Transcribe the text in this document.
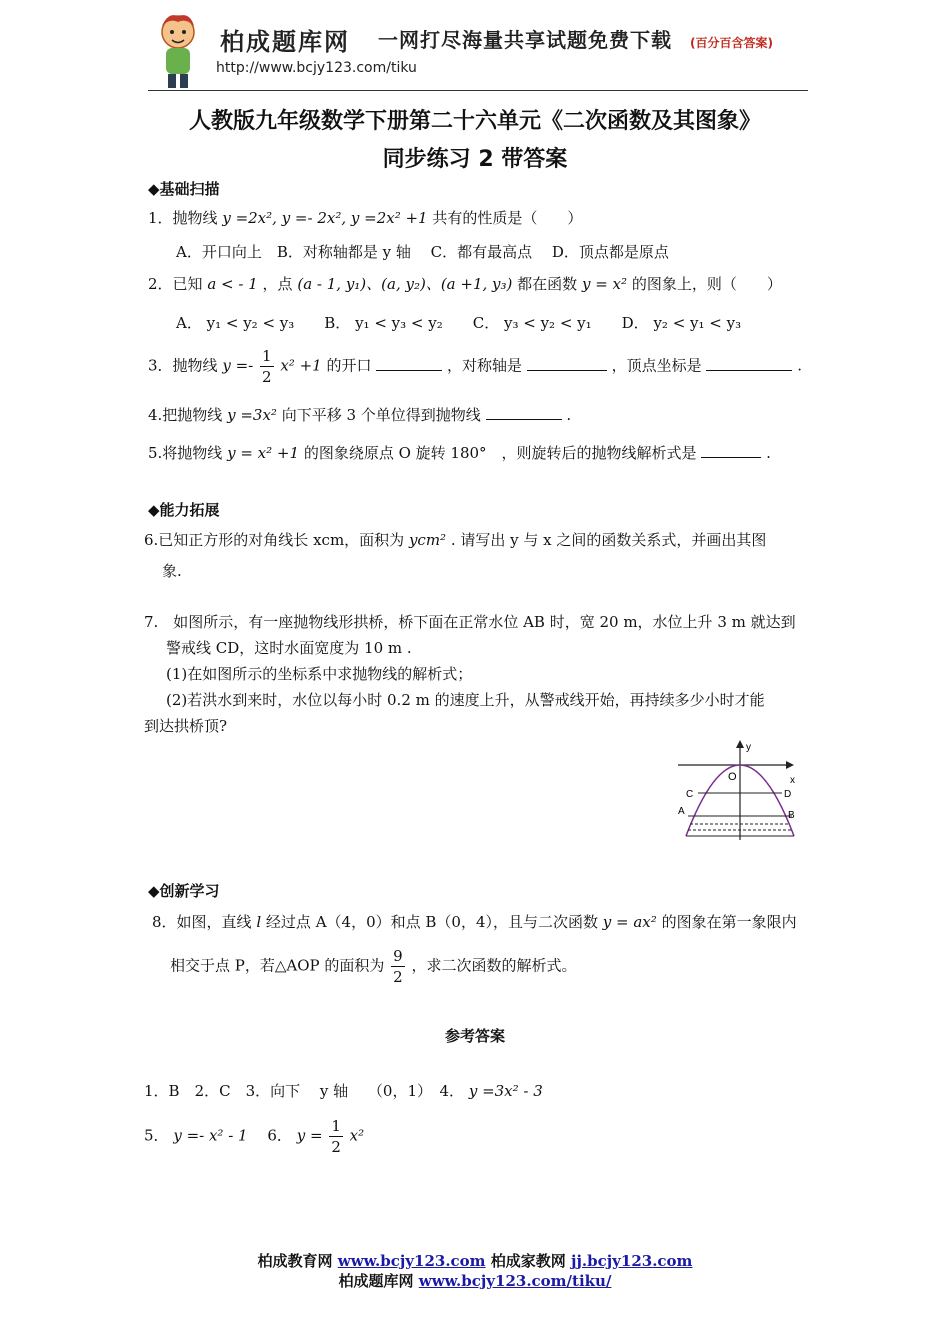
柏成题库网 一网打尽海量共享试题免费下载 (百分百含答案)
http://www.bcjy123.com/tiku
人教版九年级数学下册第二十六单元《二次函数及其图象》
同步练习 2 带答案
◆基础扫描
1．抛物线 y =2x², y =- 2x², y =2x² +1 共有的性质是（　　）
A．开口向上　B．对称轴都是 y 轴　 C．都有最高点　 D．顶点都是原点
2．已知 a < - 1 ，点 (a - 1, y₁)、(a, y₂)、(a +1, y₃) 都在函数 y = x² 的图象上，则（　　）
A． y₁ < y₂ < y₃　　B． y₁ < y₃ < y₂　　C． y₃ < y₂ < y₁　　D． y₂ < y₁ < y₃
3．抛物线 $y =- \frac{1}{2} x^2 +1$ 的开口	，对称轴是	，顶点坐标是	.
4.把抛物线 y =3x² 向下平移 3 个单位得到抛物线	.
5.将抛物线 y = x² +1 的图象绕原点 O 旋转 180°　，则旋转后的抛物线解析式是	.
◆能力拓展
6.已知正方形的对角线长 xcm，面积为 ycm² . 请写出 y 与 x 之间的函数关系式，并画出其图
象.
7.　如图所示，有一座抛物线形拱桥，桥下面在正常水位 AB 时，宽 20 m，水位上升 3 m 就达到
警戒线 CD，这时水面宽度为 10 m .
(1)在如图所示的坐标系中求抛物线的解析式；
(2)若洪水到来时，水位以每小时 0.2 m 的速度上升，从警戒线开始，再持续多少小时才能
到达拱桥顶?
y
x
O
C	D
A	B
◆创新学习
8．如图，直线 l 经过点 A（4，0）和点 B（0，4），且与二次函数 y = ax² 的图象在第一象限内
相交于点 P，若△AOP 的面积为 $\frac{9}{2}$ ，求二次函数的解析式。
参考答案
1．B　2．C　3．向下　 y 轴　 （0，1）　4． y =3x² - 3
5． y =- x² - 1 　6． $y = \frac{1}{2} x^2$
柏成教育网 www.bcjy123.com 柏成家教网 jj.bcjy123.com
柏成题库网 www.bcjy123.com/tiku/
